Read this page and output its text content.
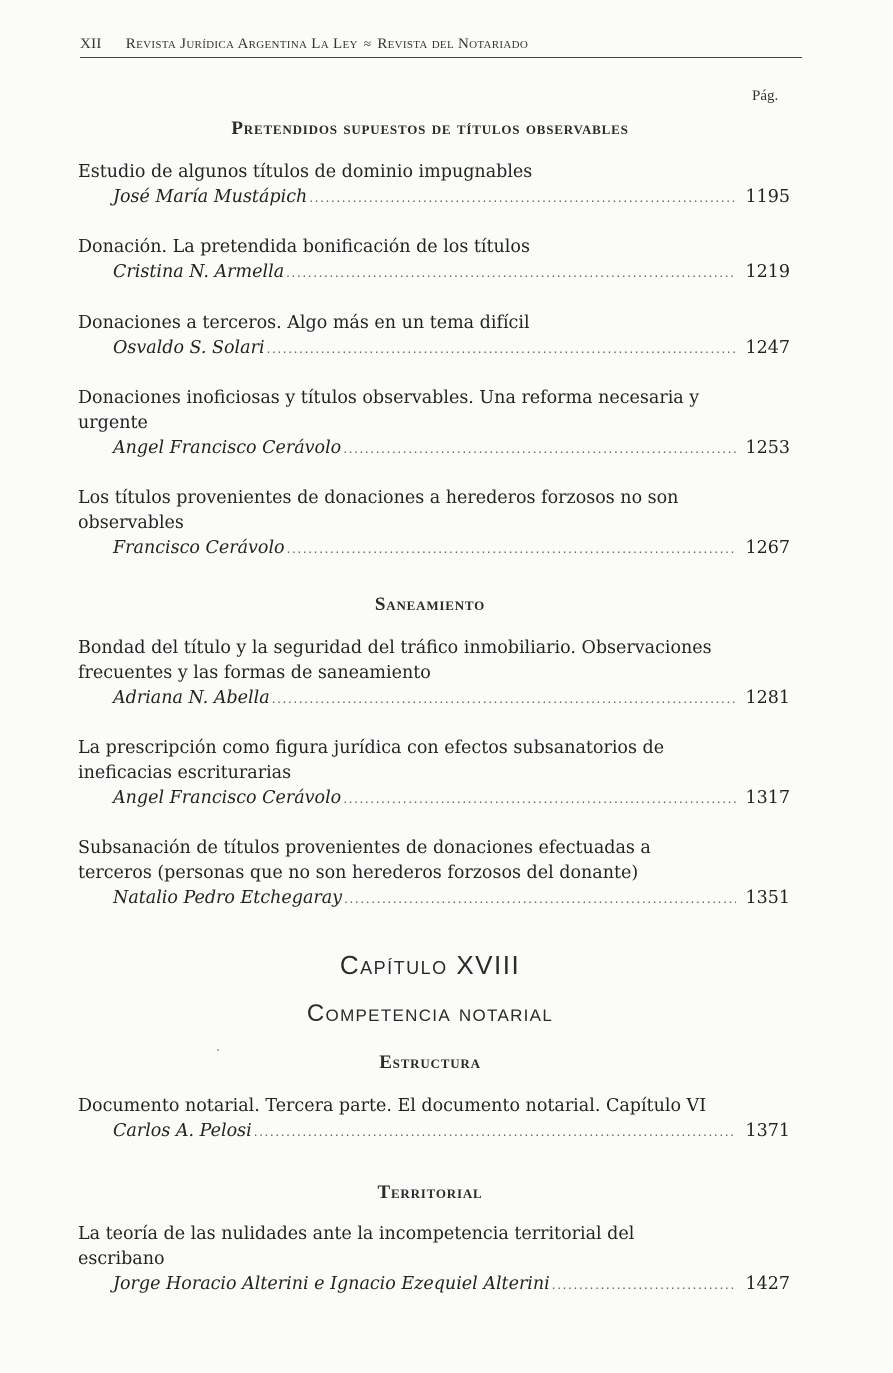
XII Revista Jurídica Argentina La Ley ≈ Revista del Notariado
Pág.
Pretendidos supuestos de títulos observables
Estudio de algunos títulos de dominio impugnables
José María Mustápich .....	1195
Donación. La pretendida bonificación de los títulos
Cristina N. Armella .....	1219
Donaciones a terceros. Algo más en un tema difícil
Osvaldo S. Solari .....	1247
Donaciones inoficiosas y títulos observables. Una reforma necesaria y urgente
Angel Francisco Cerávolo .....	1253
Los títulos provenientes de donaciones a herederos forzosos no son observables
Francisco Cerávolo .....	1267
Saneamiento
Bondad del título y la seguridad del tráfico inmobiliario. Observaciones frecuentes y las formas de saneamiento
Adriana N. Abella .....	1281
La prescripción como figura jurídica con efectos subsanatorios de ineficacias escriturarias
Angel Francisco Cerávolo .....	1317
Subsanación de títulos provenientes de donaciones efectuadas a terceros (personas que no son herederos forzosos del donante)
Natalio Pedro Etchegaray .....	1351
Capítulo XVIII
Competencia notarial
Estructura
Documento notarial. Tercera parte. El documento notarial. Capítulo VI
Carlos A. Pelosi .....	1371
Territorial
La teoría de las nulidades ante la incompetencia territorial del escribano
Jorge Horacio Alterini e Ignacio Ezequiel Alterini .....	1427
